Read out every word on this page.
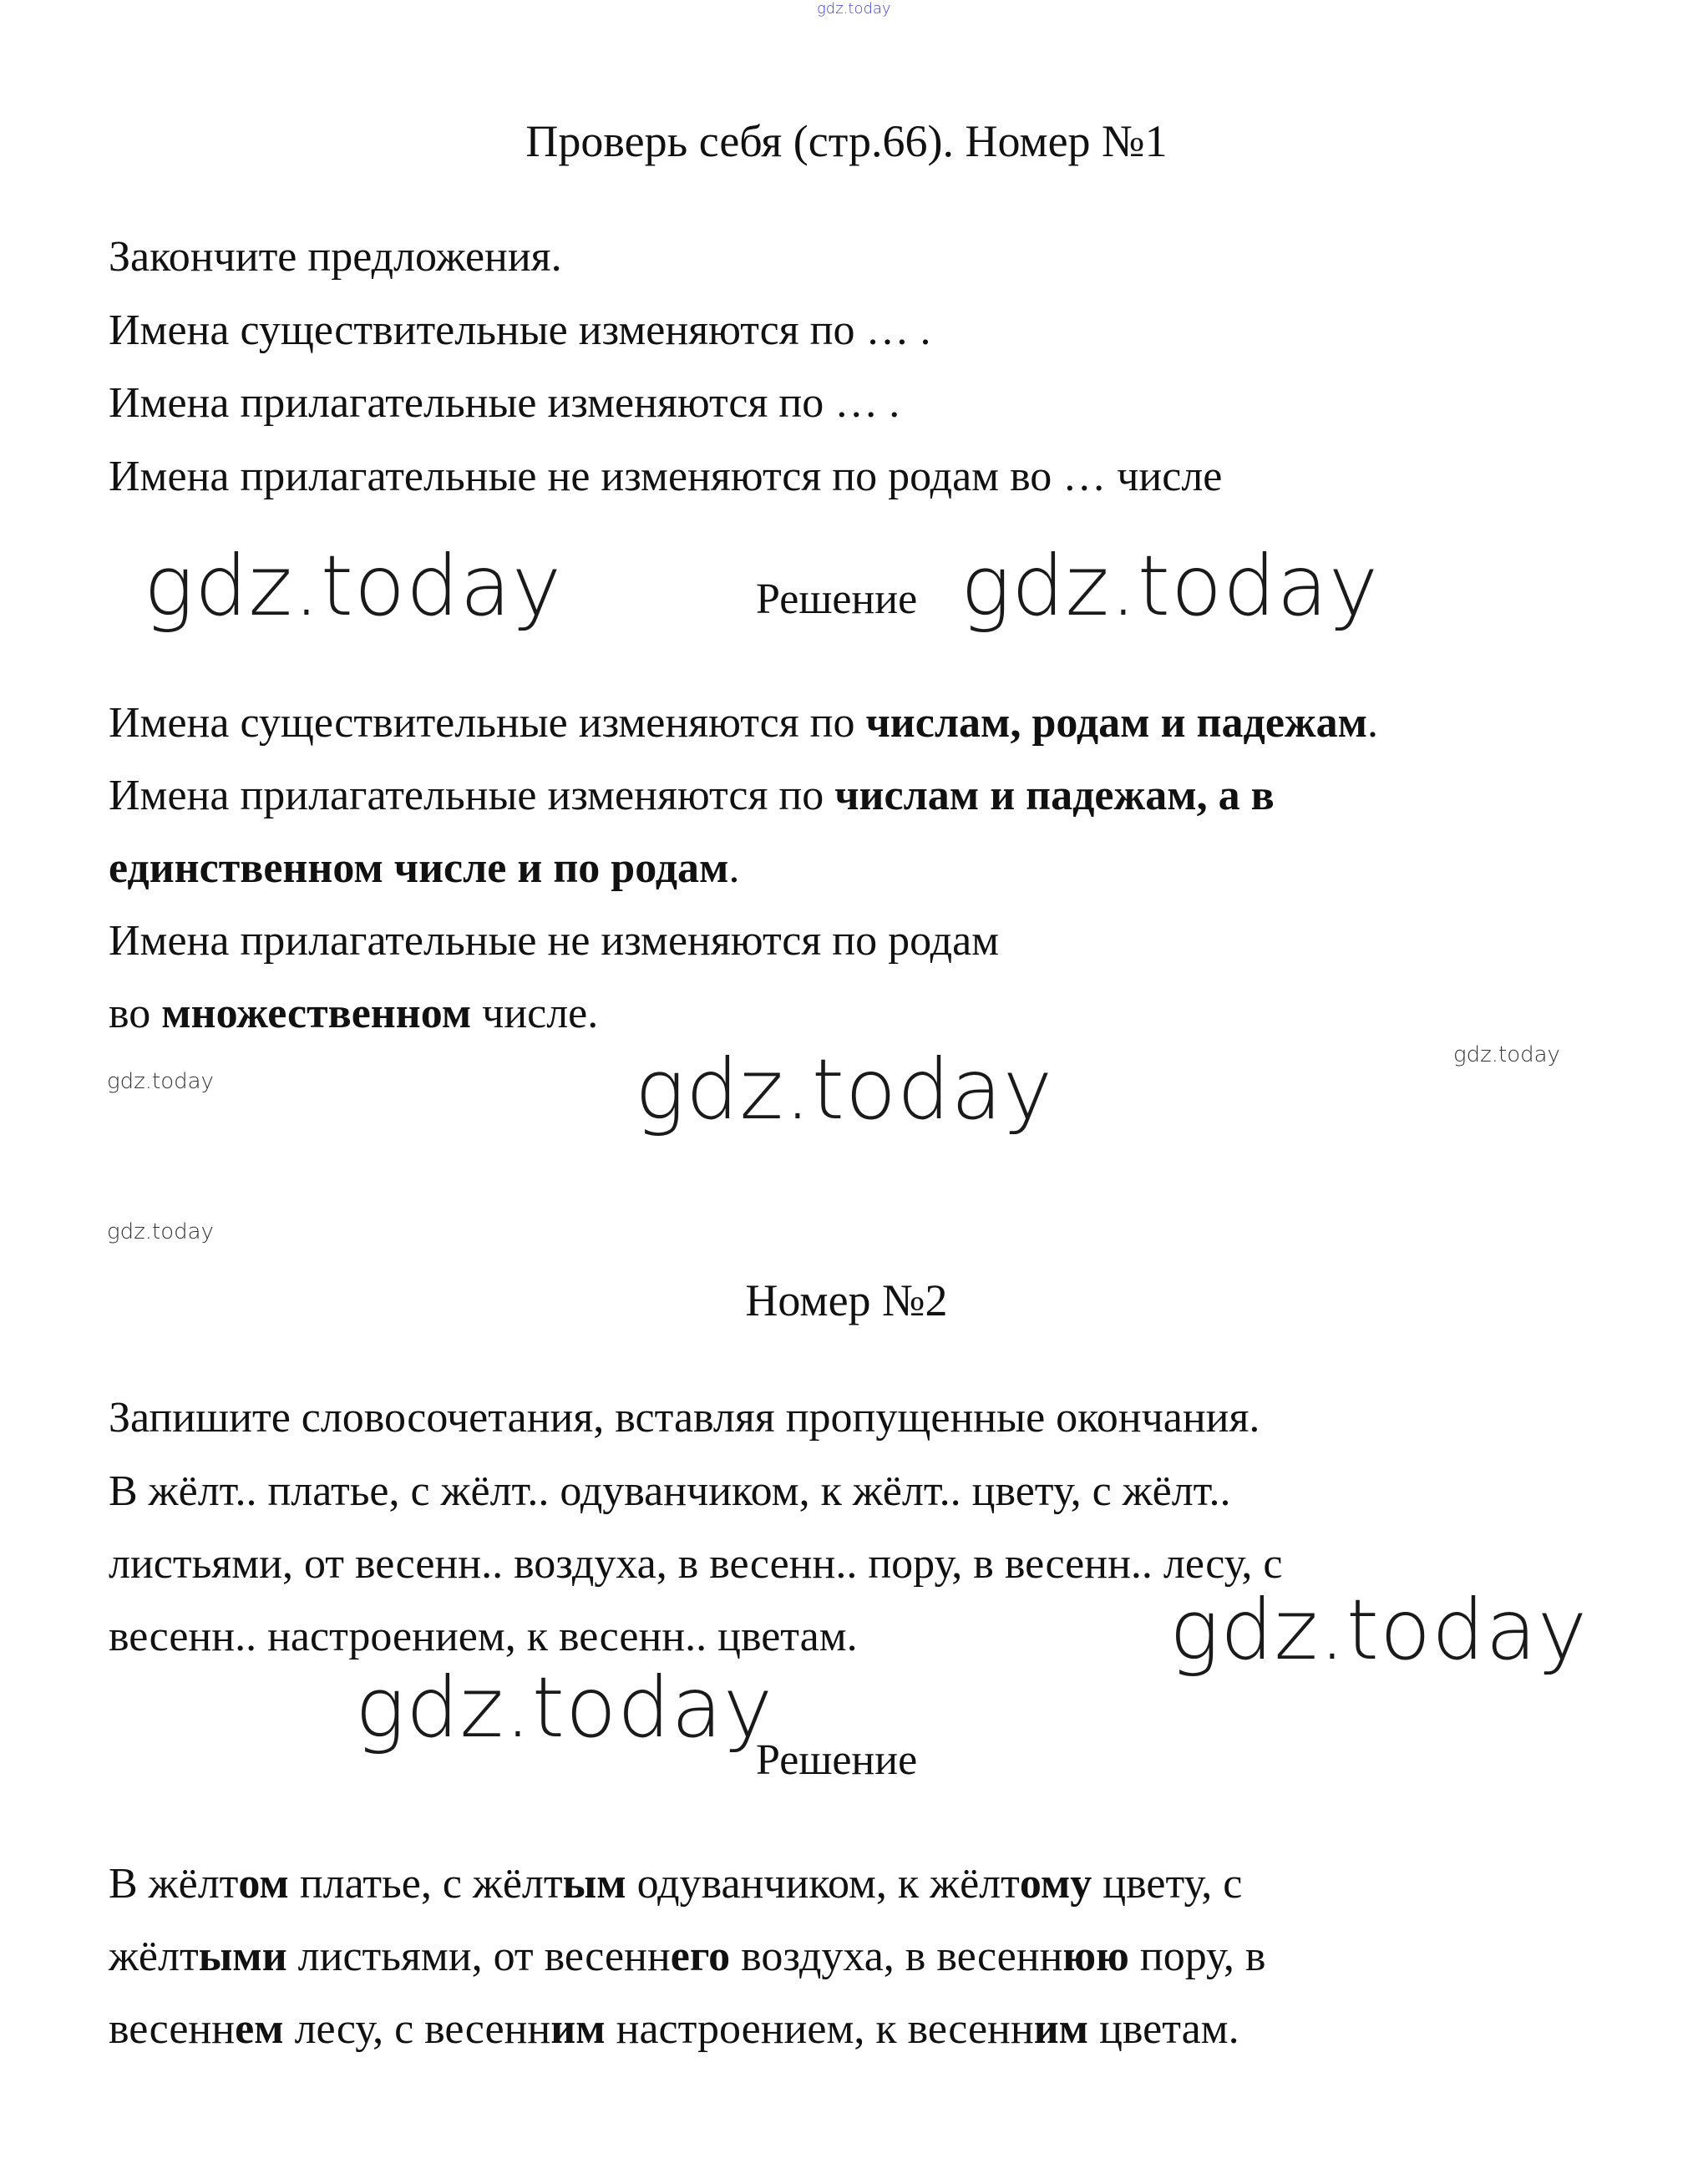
gdz.today
gdz.today	gdz.today
gdz.today
gdz.today
gdz.today
gdz.today
gdz.today
gdz.today
Проверь себя (стр.66). Номер №1
Закончите предложения.
Имена существительные изменяются по … .
Имена прилагательные изменяются по … .
Имена прилагательные не изменяются по родам во … числе
Решение
Имена существительные изменяются по числам, родам и падежам.
Имена прилагательные изменяются по числам и падежам, а в
единственном числе и по родам.
Имена прилагательные не изменяются по родам
во множественном числе.
Номер №2
Запишите словосочетания, вставляя пропущенные окончания.
В жёлт.. платье, с жёлт.. одуванчиком, к жёлт.. цвету, с жёлт..
листьями, от весенн.. воздуха, в весенн.. пору, в весенн.. лесу, с
весенн.. настроением, к весенн.. цветам.
Решение
В жёлтом платье, с жёлтым одуванчиком, к жёлтому цвету, с
жёлтыми листьями, от весеннего воздуха, в весеннюю пору, в
весеннем лесу, с весенним настроением, к весенним цветам.
